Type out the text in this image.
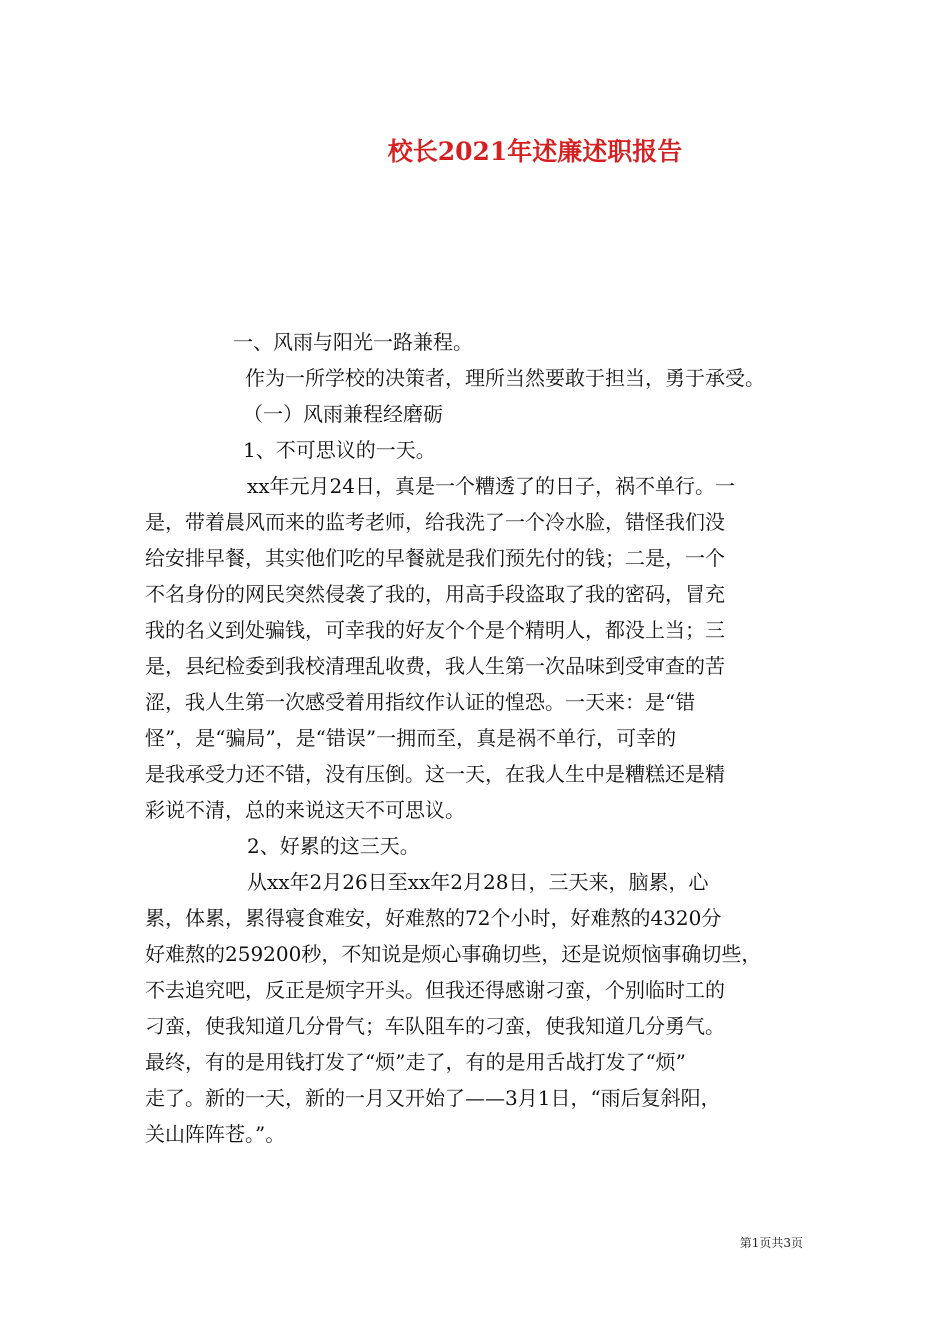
校长2021年述廉述职报告

一、风雨与阳光一路兼程。

作为一所学校的决策者，理所当然要敢于担当，勇于承受。

（一）风雨兼程经磨砺

1、不可思议的一天。

xx年元月24日，真是一个糟透了的日子，祸不单行。一

是，带着晨风而来的监考老师，给我洗了一个冷水脸，错怪我们没

给安排早餐，其实他们吃的早餐就是我们预先付的钱；二是，一个

不名身份的网民突然侵袭了我的，用高手段盗取了我的密码，冒充

我的名义到处骗钱，可幸我的好友个个是个精明人，都没上当；三

是，县纪检委到我校清理乱收费，我人生第一次品味到受审查的苦

涩，我人生第一次感受着用指纹作认证的惶恐。一天来：是“错

怪”，是“骗局”，是“错误”一拥而至，真是祸不单行，可幸的

是我承受力还不错，没有压倒。这一天，在我人生中是糟糕还是精

彩说不清，总的来说这天不可思议。

2、好累的这三天。

从xx年2月26日至xx年2月28日，三天来，脑累，心

累，体累，累得寝食难安，好难熬的72个小时，好难熬的4320分

好难熬的259200秒，不知说是烦心事确切些，还是说烦恼事确切些，

不去追究吧，反正是烦字开头。但我还得感谢刁蛮，个别临时工的

刁蛮，使我知道几分骨气；车队阻车的刁蛮，使我知道几分勇气。

最终，有的是用钱打发了“烦”走了，有的是用舌战打发了“烦”

走了。新的一天，新的一月又开始了——3月1日，“雨后复斜阳，

关山阵阵苍。”。

第1页共3页
